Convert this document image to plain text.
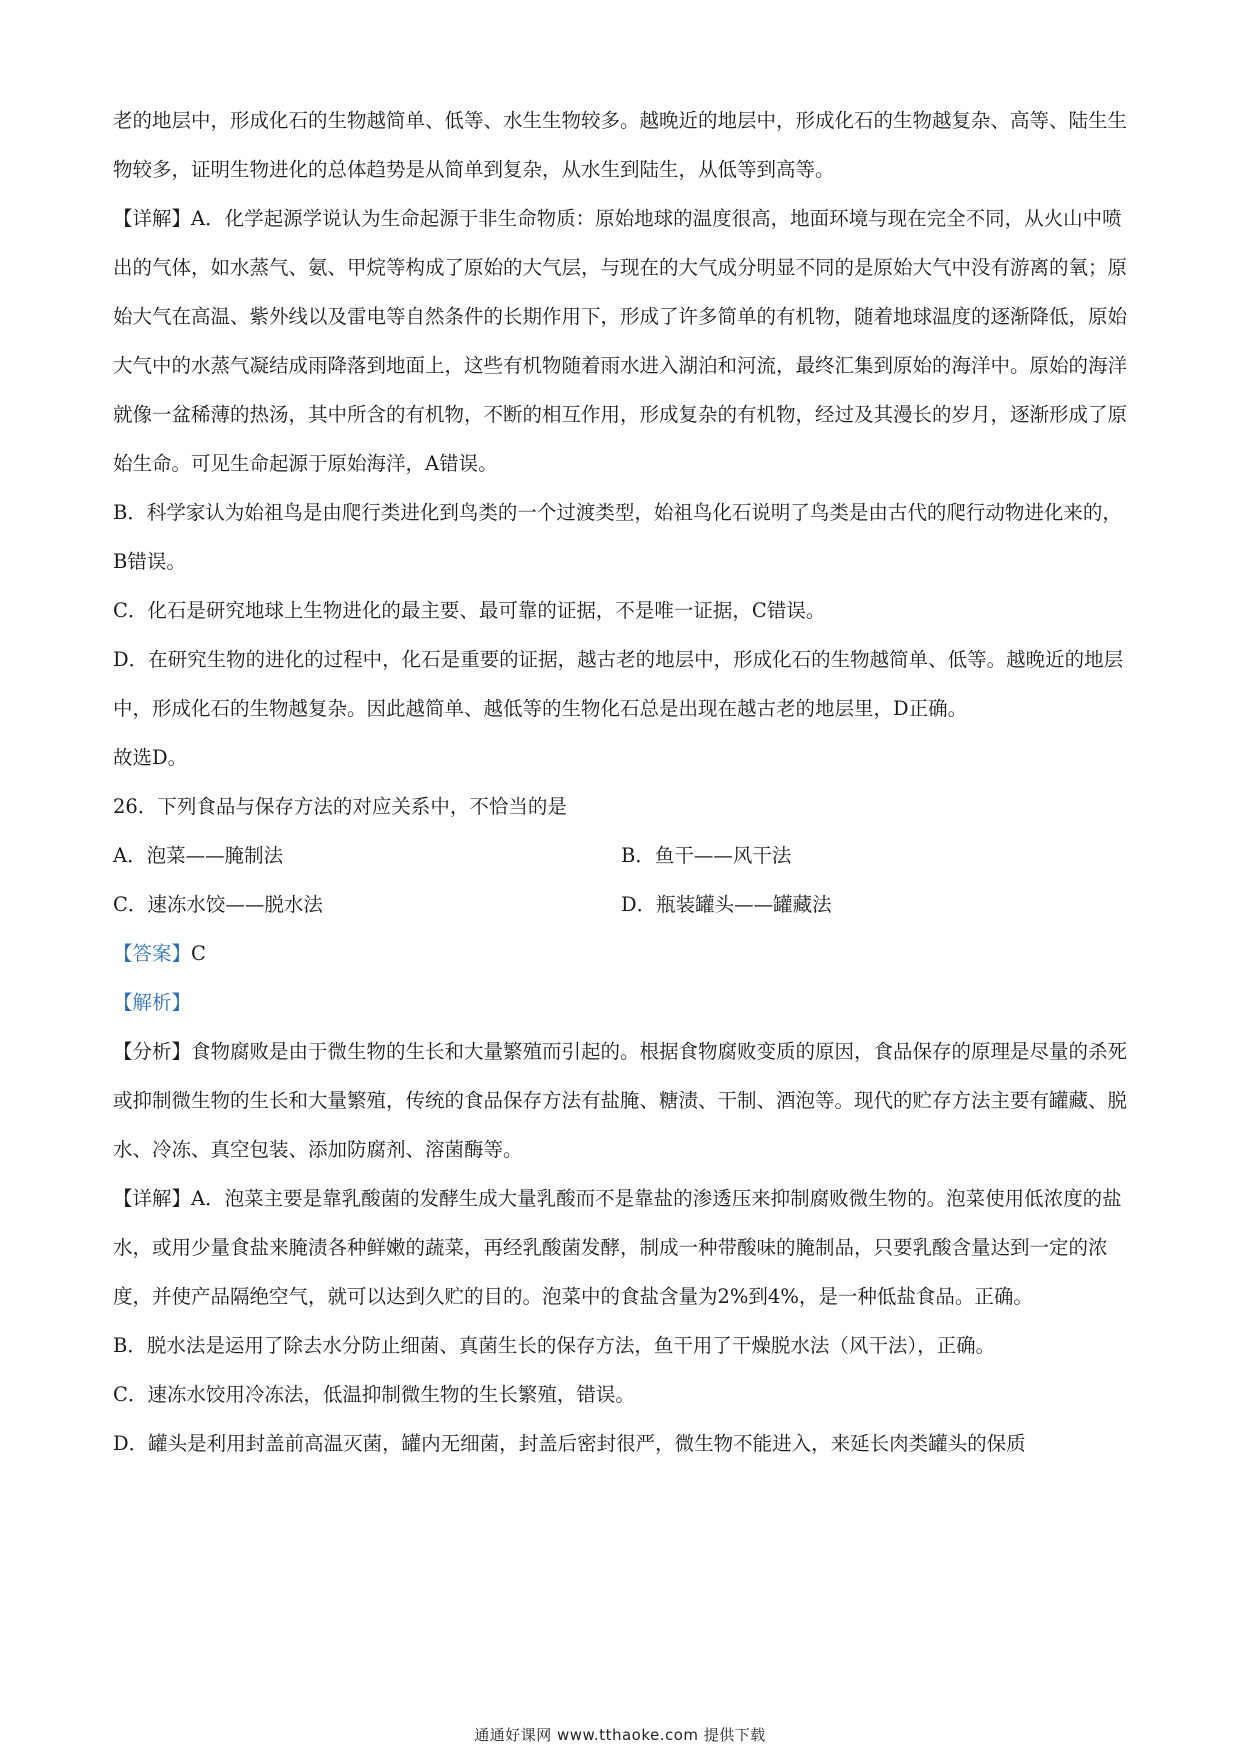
老的地层中，形成化石的生物越简单、低等、水生生物较多。越晚近的地层中，形成化石的生物越复杂、高等、陆生生物较多，证明生物进化的总体趋势是从简单到复杂，从水生到陆生，从低等到高等。

【详解】A．化学起源学说认为生命起源于非生命物质：原始地球的温度很高，地面环境与现在完全不同，从火山中喷出的气体，如水蒸气、氨、甲烷等构成了原始的大气层，与现在的大气成分明显不同的是原始大气中没有游离的氧；原始大气在高温、紫外线以及雷电等自然条件的长期作用下，形成了许多简单的有机物，随着地球温度的逐渐降低，原始大气中的水蒸气凝结成雨降落到地面上，这些有机物随着雨水进入湖泊和河流，最终汇集到原始的海洋中。原始的海洋就像一盆稀薄的热汤，其中所含的有机物，不断的相互作用，形成复杂的有机物，经过及其漫长的岁月，逐渐形成了原始生命。可见生命起源于原始海洋，A错误。

B．科学家认为始祖鸟是由爬行类进化到鸟类的一个过渡类型，始祖鸟化石说明了鸟类是由古代的爬行动物进化来的，B错误。

C．化石是研究地球上生物进化的最主要、最可靠的证据，不是唯一证据，C错误。

D．在研究生物的进化的过程中，化石是重要的证据，越古老的地层中，形成化石的生物越简单、低等。越晚近的地层中，形成化石的生物越复杂。因此越简单、越低等的生物化石总是出现在越古老的地层里，D正确。

故选D。

26．下列食品与保存方法的对应关系中，不恰当的是

A．泡菜——腌制法	B．鱼干——风干法
C．速冻水饺——脱水法	D．瓶装罐头——罐藏法

【答案】C

【解析】

【分析】食物腐败是由于微生物的生长和大量繁殖而引起的。根据食物腐败变质的原因，食品保存的原理是尽量的杀死或抑制微生物的生长和大量繁殖，传统的食品保存方法有盐腌、糖渍、干制、酒泡等。现代的贮存方法主要有罐藏、脱水、冷冻、真空包装、添加防腐剂、溶菌酶等。

【详解】A．泡菜主要是靠乳酸菌的发酵生成大量乳酸而不是靠盐的渗透压来抑制腐败微生物的。泡菜使用低浓度的盐水，或用少量食盐来腌渍各种鲜嫩的蔬菜，再经乳酸菌发酵，制成一种带酸味的腌制品，只要乳酸含量达到一定的浓度，并使产品隔绝空气，就可以达到久贮的目的。泡菜中的食盐含量为2%到4%，是一种低盐食品。正确。

B．脱水法是运用了除去水分防止细菌、真菌生长的保存方法，鱼干用了干燥脱水法（风干法），正确。

C．速冻水饺用冷冻法，低温抑制微生物的生长繁殖，错误。

D．罐头是利用封盖前高温灭菌，罐内无细菌，封盖后密封很严，微生物不能进入，来延长肉类罐头的保质

通通好课网 www.tthaoke.com 提供下载
